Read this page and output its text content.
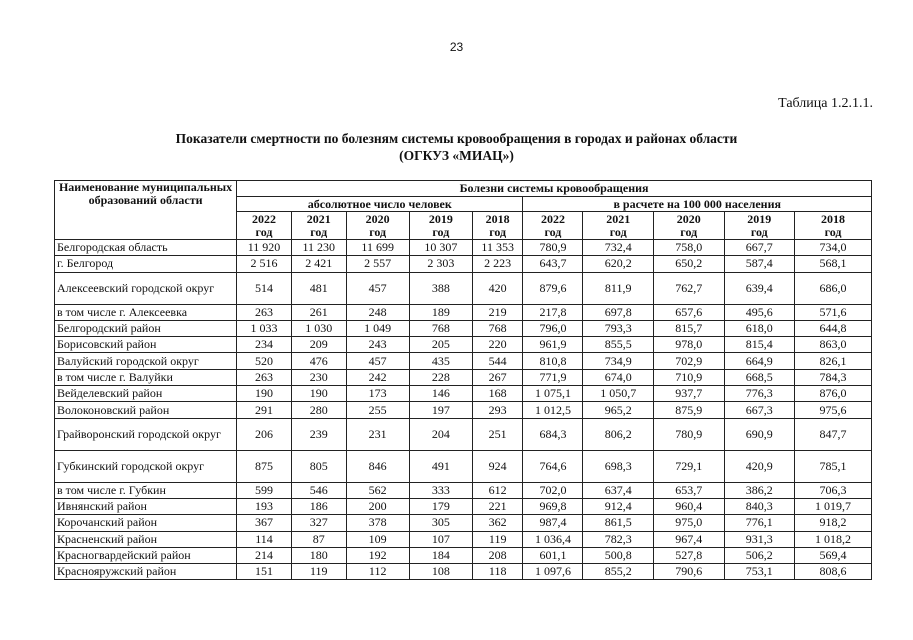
23
Таблица 1.2.1.1.
Показатели смертности по болезням системы кровообращения в городах и районах области
(ОГКУЗ «МИАЦ»)
Наименование муниципальных образований области	Болезни системы кровообращения									
	абсолютное число человек					в расчете на 100 000 населения				

	2022
год	2021
год	2020
год	2019
год	2018
год	2022
год	2021
год	2020
год	2019
год	2018
год

Белгородская область	11 920	11 230	11 699	10 307	11 353	780,9	732,4	758,0	667,7	734,0
г. Белгород	2 516	2 421	2 557	2 303	2 223	643,7	620,2	650,2	587,4	568,1
Алексеевский городской округ	514	481	457	388	420	879,6	811,9	762,7	639,4	686,0
в том числе г. Алексеевка	263	261	248	189	219	217,8	697,8	657,6	495,6	571,6
Белгородский район	1 033	1 030	1 049	768	768	796,0	793,3	815,7	618,0	644,8
Борисовский район	234	209	243	205	220	961,9	855,5	978,0	815,4	863,0
Валуйский городской округ	520	476	457	435	544	810,8	734,9	702,9	664,9	826,1
в том числе г. Валуйки	263	230	242	228	267	771,9	674,0	710,9	668,5	784,3
Вейделевский район	190	190	173	146	168	1 075,1	1 050,7	937,7	776,3	876,0
Волоконовский район	291	280	255	197	293	1 012,5	965,2	875,9	667,3	975,6
Грайворонский городской округ	206	239	231	204	251	684,3	806,2	780,9	690,9	847,7
Губкинский городской округ	875	805	846	491	924	764,6	698,3	729,1	420,9	785,1
в том числе г. Губкин	599	546	562	333	612	702,0	637,4	653,7	386,2	706,3
Ивнянский район	193	186	200	179	221	969,8	912,4	960,4	840,3	1 019,7
Корочанский район	367	327	378	305	362	987,4	861,5	975,0	776,1	918,2
Красненский район	114	87	109	107	119	1 036,4	782,3	967,4	931,3	1 018,2
Красногвардейский район	214	180	192	184	208	601,1	500,8	527,8	506,2	569,4
Краснояружский район	151	119	112	108	118	1 097,6	855,2	790,6	753,1	808,6
